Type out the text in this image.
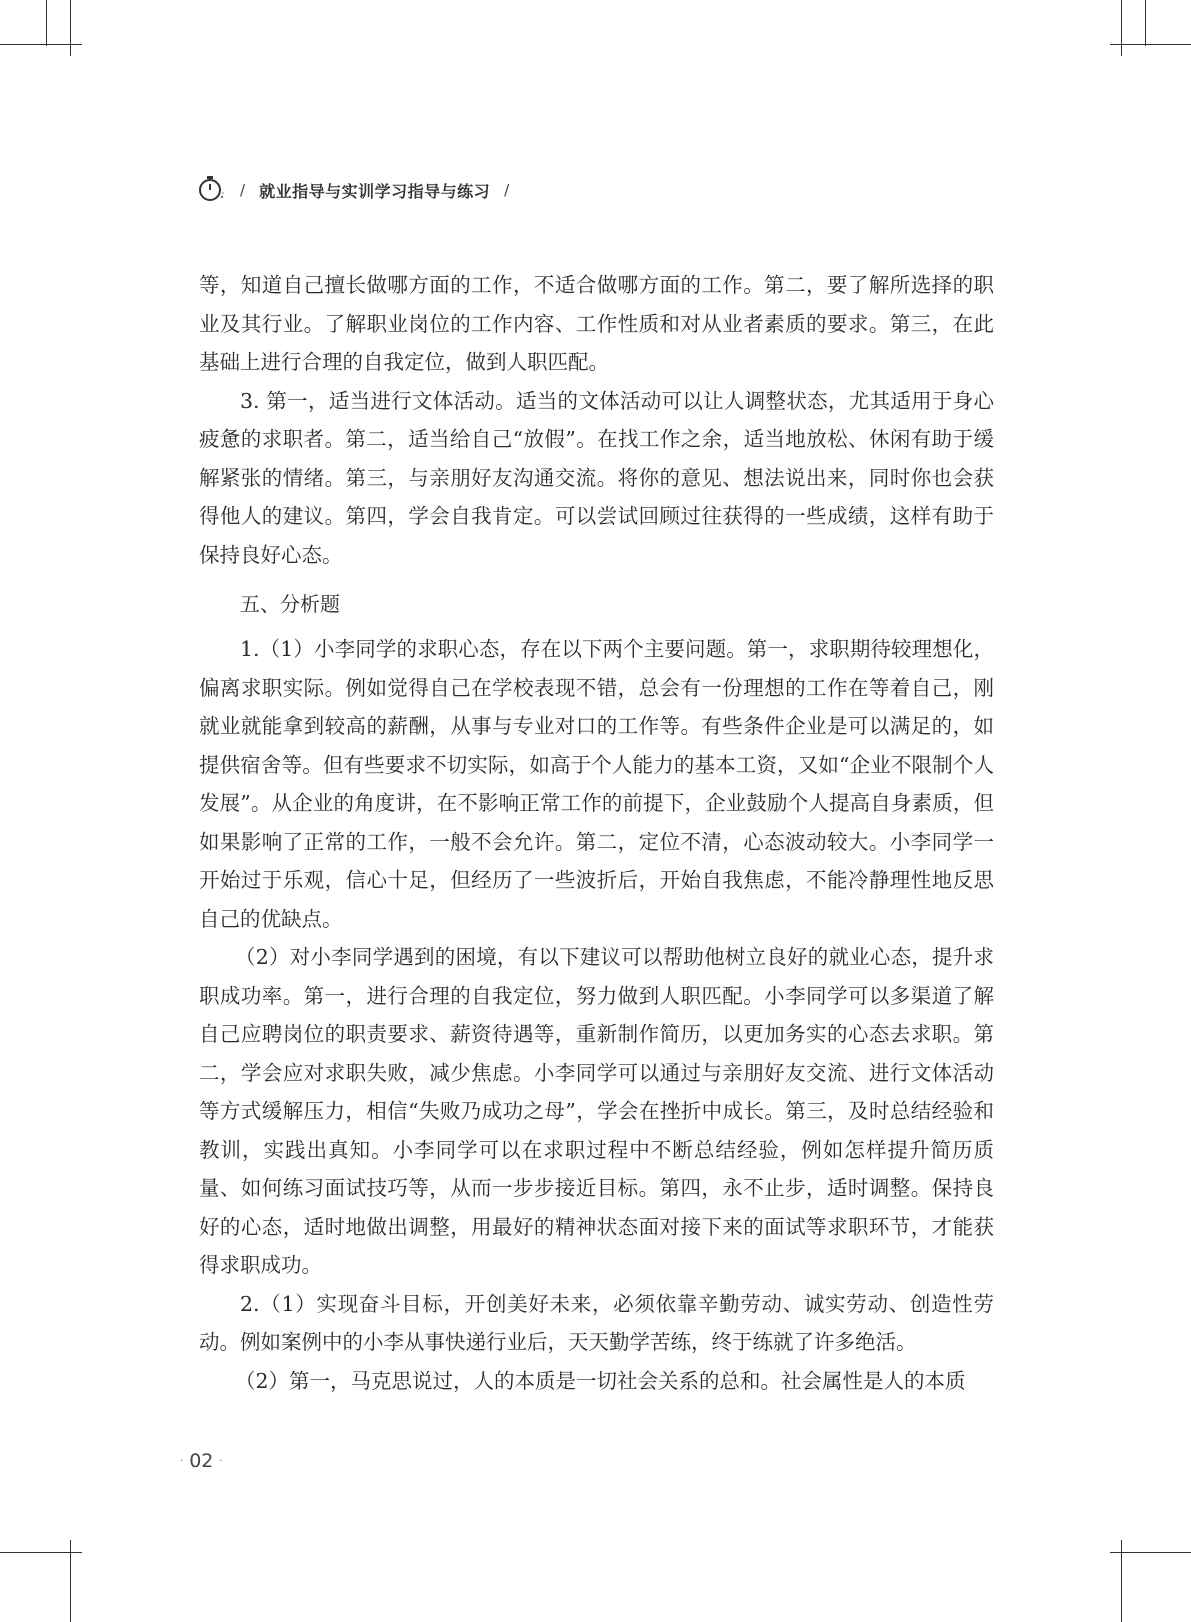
/ 就业指导与实训学习指导与练习 /

等，知道自己擅长做哪方面的工作，不适合做哪方面的工作。第二，要了解所选择的职业及其行业。了解职业岗位的工作内容、工作性质和对从业者素质的要求。第三，在此基础上进行合理的自我定位，做到人职匹配。

3. 第一，适当进行文体活动。适当的文体活动可以让人调整状态，尤其适用于身心疲惫的求职者。第二，适当给自己“放假”。在找工作之余，适当地放松、休闲有助于缓解紧张的情绪。第三，与亲朋好友沟通交流。将你的意见、想法说出来，同时你也会获得他人的建议。第四，学会自我肯定。可以尝试回顾过往获得的一些成绩，这样有助于保持良好心态。

五、分析题

1.（1）小李同学的求职心态，存在以下两个主要问题。第一，求职期待较理想化，偏离求职实际。例如觉得自己在学校表现不错，总会有一份理想的工作在等着自己，刚就业就能拿到较高的薪酬，从事与专业对口的工作等。有些条件企业是可以满足的，如提供宿舍等。但有些要求不切实际，如高于个人能力的基本工资，又如“企业不限制个人发展”。从企业的角度讲，在不影响正常工作的前提下，企业鼓励个人提高自身素质，但如果影响了正常的工作，一般不会允许。第二，定位不清，心态波动较大。小李同学一开始过于乐观，信心十足，但经历了一些波折后，开始自我焦虑，不能冷静理性地反思自己的优缺点。

（2）对小李同学遇到的困境，有以下建议可以帮助他树立良好的就业心态，提升求职成功率。第一，进行合理的自我定位，努力做到人职匹配。小李同学可以多渠道了解自己应聘岗位的职责要求、薪资待遇等，重新制作简历，以更加务实的心态去求职。第二，学会应对求职失败，减少焦虑。小李同学可以通过与亲朋好友交流、进行文体活动等方式缓解压力，相信“失败乃成功之母”，学会在挫折中成长。第三，及时总结经验和教训，实践出真知。小李同学可以在求职过程中不断总结经验，例如怎样提升简历质量、如何练习面试技巧等，从而一步步接近目标。第四，永不止步，适时调整。保持良好的心态，适时地做出调整，用最好的精神状态面对接下来的面试等求职环节，才能获得求职成功。

2.（1）实现奋斗目标，开创美好未来，必须依靠辛勤劳动、诚实劳动、创造性劳动。例如案例中的小李从事快递行业后，天天勤学苦练，终于练就了许多绝活。

（2）第一，马克思说过，人的本质是一切社会关系的总和。社会属性是人的本质

· 02 ·
